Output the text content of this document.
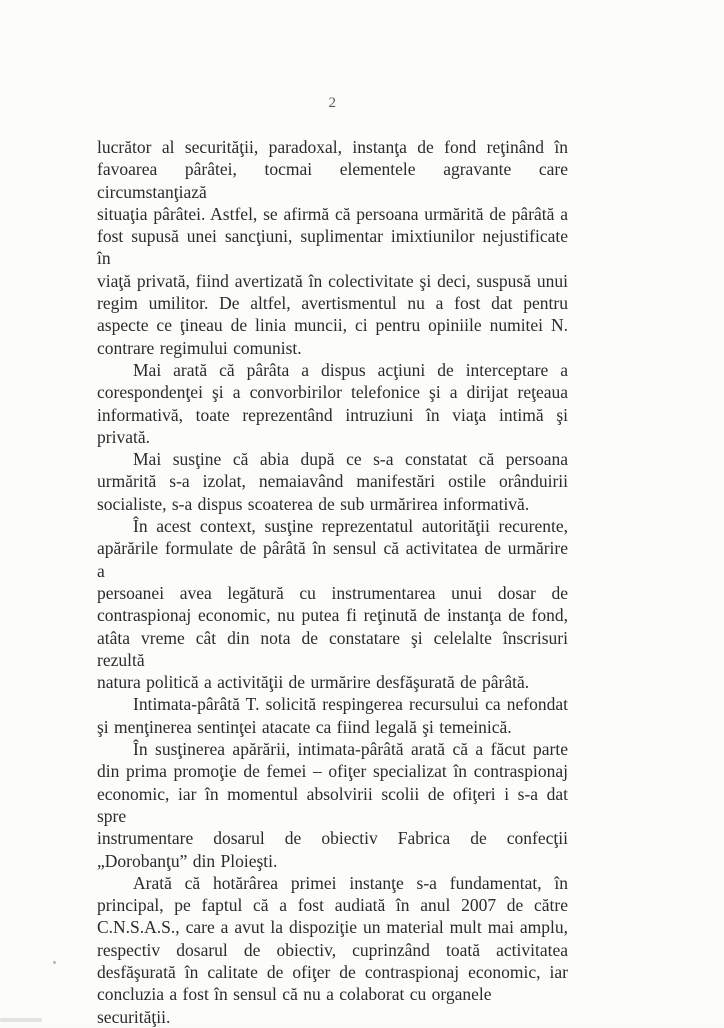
2
lucrător al securităţii, paradoxal, instanţa de fond reţinând în
favoarea pârâtei, tocmai elementele agravante care circumstanţiază
situaţia pârâtei. Astfel, se afirmă că persoana urmărită de pârâtă a
fost supusă unei sancţiuni, suplimentar imixtiunilor nejustificate în
viaţă privată, fiind avertizată în colectivitate şi deci, suspusă unui
regim umilitor. De altfel, avertismentul nu a fost dat pentru
aspecte ce ţineau de linia muncii, ci pentru opiniile numitei N.
contrare regimului comunist.
Mai arată că pârâta a dispus acţiuni de interceptare a
corespondenţei şi a convorbirilor telefonice şi a dirijat reţeaua
informativă, toate reprezentând intruziuni în viaţa intimă şi
privată.
Mai susţine că abia după ce s-a constatat că persoana
urmărită s-a izolat, nemaiavând manifestări ostile orânduirii
socialiste, s-a dispus scoaterea de sub urmărirea informativă.
În acest context, susţine reprezentatul autorităţii recurente,
apărările formulate de pârâtă în sensul că activitatea de urmărire a
persoanei avea legătură cu instrumentarea unui dosar de
contraspionaj economic, nu putea fi reţinută de instanţa de fond,
atâta vreme cât din nota de constatare şi celelalte înscrisuri rezultă
natura politică a activităţii de urmărire desfăşurată de pârâtă.
Intimata-pârâtă T. solicită respingerea recursului ca nefondat
şi menţinerea sentinţei atacate ca fiind legală şi temeinică.
În susţinerea apărării, intimata-pârâtă arată că a făcut parte
din prima promoţie de femei – ofiţer specializat în contraspionaj
economic, iar în momentul absolvirii scolii de ofiţeri i s-a dat spre
instrumentare dosarul de obiectiv Fabrica de confecţii
„Dorobanţu” din Ploieşti.
Arată că hotărârea primei instanţe s-a fundamentat, în
principal, pe faptul că a fost audiată în anul 2007 de către
C.N.S.A.S., care a avut la dispoziţie un material mult mai amplu,
respectiv dosarul de obiectiv, cuprinzând toată activitatea
desfăşurată în calitate de ofiţer de contraspionaj economic, iar
concluzia a fost în sensul că nu a colaborat cu organele securităţii.
